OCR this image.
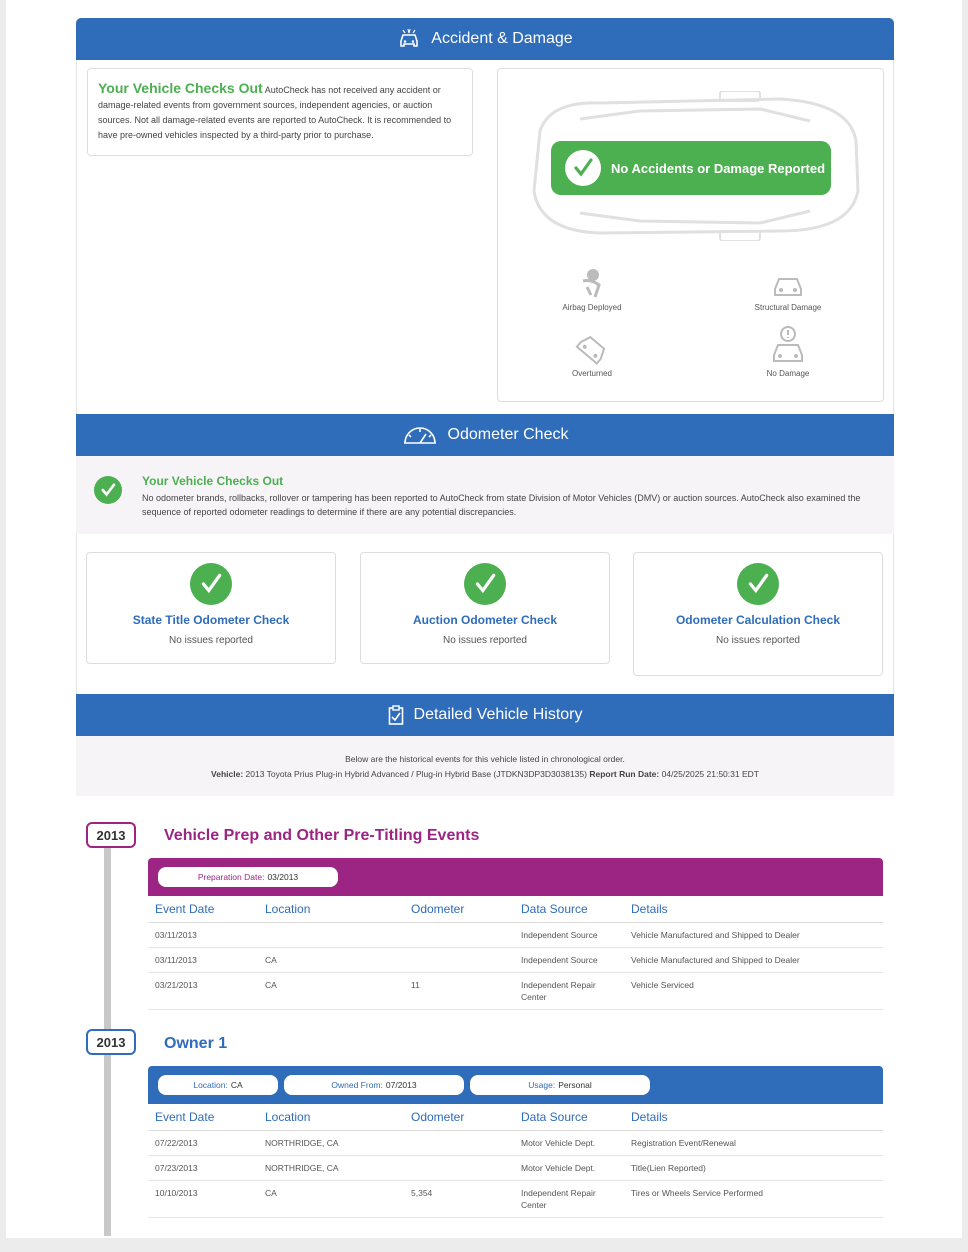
Accident & Damage
Your Vehicle Checks Out AutoCheck has not received any accident or damage-related events from government sources, independent agencies, or auction sources. Not all damage-related events are reported to AutoCheck. It is recommended to have pre-owned vehicles inspected by a third-party prior to purchase.
No Accidents or Damage Reported
Airbag Deployed	Structural Damage
Overturned	No Damage
Odometer Check
Your Vehicle Checks Out
No odometer brands, rollbacks, rollover or tampering has been reported to AutoCheck from state Division of Motor Vehicles (DMV) or auction sources. AutoCheck also examined the sequence of reported odometer readings to determine if there are any potential discrepancies.
State Title Odometer Check
No issues reported
Auction Odometer Check
No issues reported
Odometer Calculation Check
No issues reported
Detailed Vehicle History
Below are the historical events for this vehicle listed in chronological order.
Vehicle: 2013 Toyota Prius Plug-in Hybrid Advanced / Plug-in Hybrid Base (JTDKN3DP3D3038135) Report Run Date: 04/25/2025 21:50:31 EDT
2013	Vehicle Prep and Other Pre-Titling Events
Preparation Date: 03/2013
Event Date	Location	Odometer	Data Source	Details
03/11/2013			Independent Source	Vehicle Manufactured and Shipped to Dealer
03/11/2013	CA		Independent Source	Vehicle Manufactured and Shipped to Dealer
03/21/2013	CA	11	Independent Repair Center	Vehicle Serviced
2013	Owner 1
Location: CA	Owned From: 07/2013	Usage: Personal
Event Date	Location	Odometer	Data Source	Details
07/22/2013	NORTHRIDGE, CA		Motor Vehicle Dept.	Registration Event/Renewal
07/23/2013	NORTHRIDGE, CA		Motor Vehicle Dept.	Title(Lien Reported)
10/10/2013	CA	5,354	Independent Repair Center	Tires or Wheels Service Performed
